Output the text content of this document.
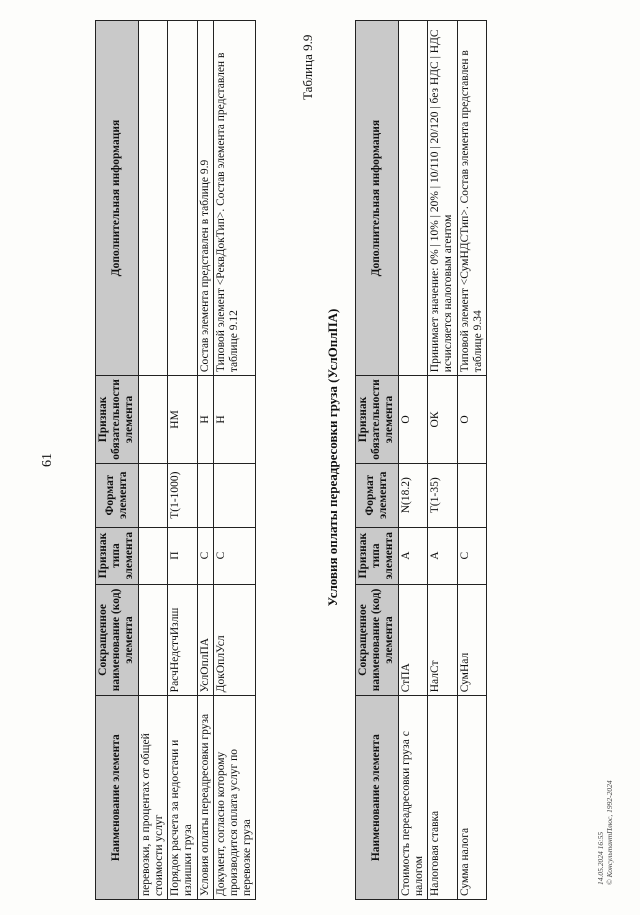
61
Наименование элемента	Сокращенное наименование (код) элемента	Признак типа элемента	Формат элемента	Признак обязательности элемента	Дополнительная информация
перевозки, в процентах от общей стоимости услуг					
Порядок расчета за недостачи и излишки груза	РасчНедстчИзлш	П	T(1-1000)	НМ	
Условия оплаты переадресовки груза	УслОплПА	С		Н	Состав элемента представлен в таблице 9.9
Документ, согласно которому производится оплата услуг по перевозке груза	ДокОплУсл	С		Н	Типовой элемент <РеквДокТип>. Состав элемента представлен в таблице 9.12
Таблица 9.9
Условия оплаты переадресовки груза (УслОплПА)
Наименование элемента	Сокращенное наименование (код) элемента	Признак типа элемента	Формат элемента	Признак обязательности элемента	Дополнительная информация
Стоимость переадресовки груза с налогом	СтПА	А	N(18.2)	О	
Налоговая ставка	НалСт	А	T(1-35)	ОК	Принимает значение: 0% | 10% | 20% | 10/110 | 20/120 | без НДС | НДС исчисляется налоговым агентом
Сумма налога	СумНал	С		О	Типовой элемент <СумНДСТип>. Состав элемента представлен в таблице 9.34
14.05.2024 16:55 © КонсультантПлюс, 1992-2024
